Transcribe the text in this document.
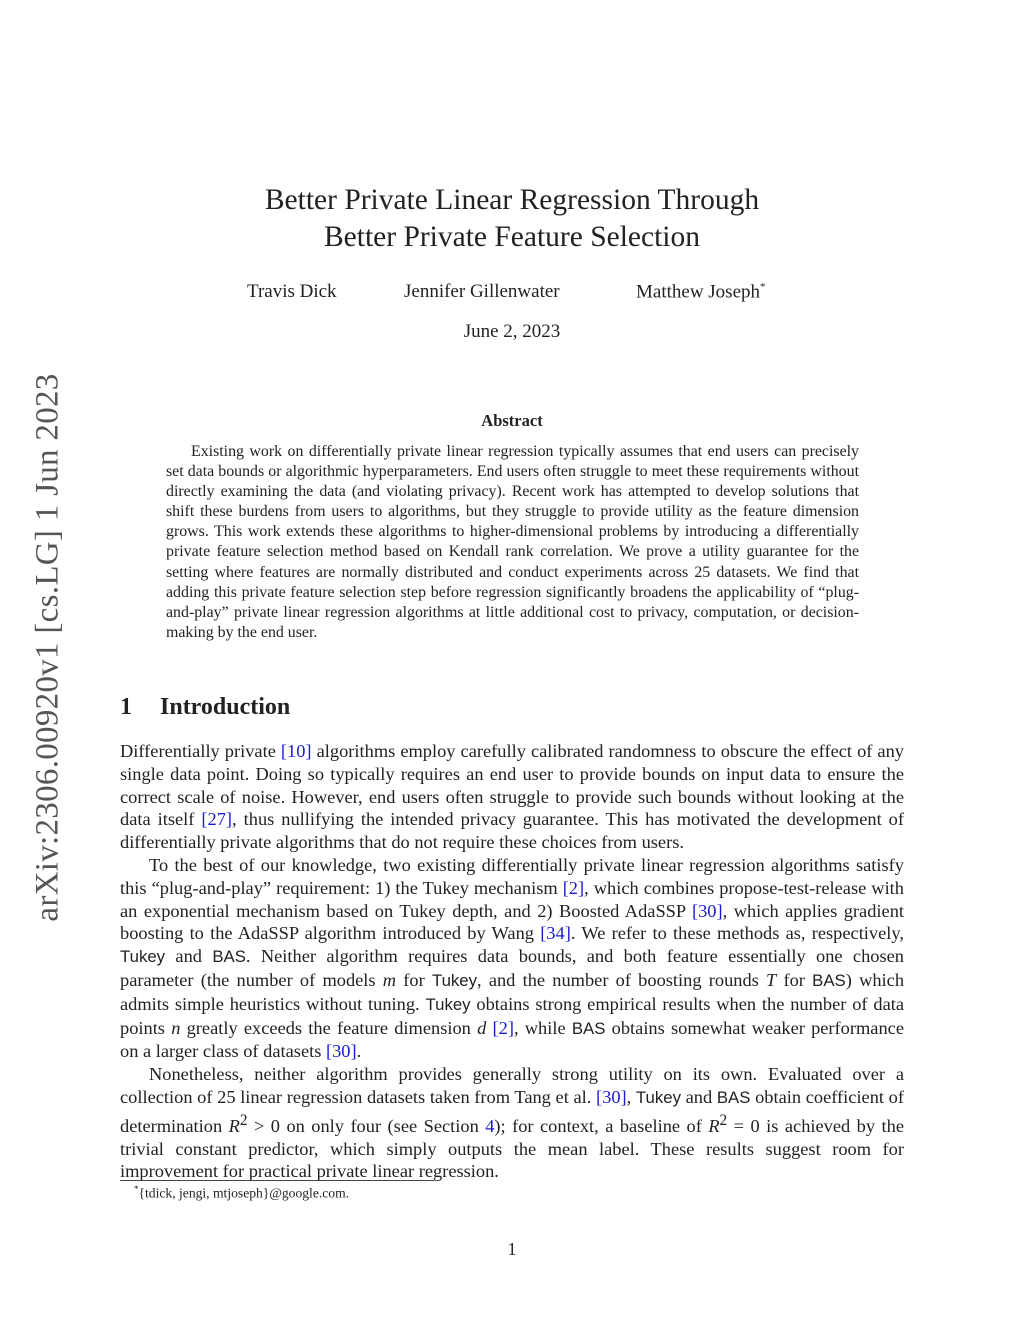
arXiv:2306.00920v1 [cs.LG] 1 Jun 2023
Better Private Linear Regression Through
Better Private Feature Selection
Travis Dick	Jennifer Gillenwater	Matthew Joseph*
June 2, 2023
Abstract

Existing work on differentially private linear regression typically assumes that end users can precisely set data bounds or algorithmic hyperparameters. End users often struggle to meet these requirements without directly examining the data (and violating privacy). Recent work has attempted to develop solutions that shift these burdens from users to algorithms, but they struggle to provide utility as the feature dimension grows. This work extends these algorithms to higher-dimensional problems by introducing a differentially private feature selection method based on Kendall rank correlation. We prove a utility guarantee for the setting where features are normally distributed and conduct experiments across 25 datasets. We find that adding this private feature selection step before regression significantly broadens the applicability of “plug-and-play” private linear regression algorithms at little additional cost to privacy, computation, or decision-making by the end user.

1 Introduction

Differentially private [10] algorithms employ carefully calibrated randomness to obscure the effect of any single data point. Doing so typically requires an end user to provide bounds on input data to ensure the correct scale of noise. However, end users often struggle to provide such bounds without looking at the data itself [27], thus nullifying the intended privacy guarantee. This has motivated the development of differentially private algorithms that do not require these choices from users.

To the best of our knowledge, two existing differentially private linear regression algorithms satisfy this “plug-and-play” requirement: 1) the Tukey mechanism [2], which combines propose-test-release with an exponential mechanism based on Tukey depth, and 2) Boosted AdaSSP [30], which applies gradient boosting to the AdaSSP algorithm introduced by Wang [34]. We refer to these methods as, respectively, Tukey and BAS. Neither algorithm requires data bounds, and both feature essentially one chosen parameter (the number of models m for Tukey, and the number of boosting rounds T for BAS) which admits simple heuristics without tuning. Tukey obtains strong empirical results when the number of data points n greatly exceeds the feature dimension d [2], while BAS obtains somewhat weaker performance on a larger class of datasets [30].

Nonetheless, neither algorithm provides generally strong utility on its own. Evaluated over a collection of 25 linear regression datasets taken from Tang et al. [30], Tukey and BAS obtain coefficient of determination $R^2 > 0$ on only four (see Section 4); for context, a baseline of $R^2 = 0$ is achieved by the trivial constant predictor, which simply outputs the mean label. These results suggest room for improvement for practical private linear regression.

*{tdick, jengi, mtjoseph}@google.com.
1
